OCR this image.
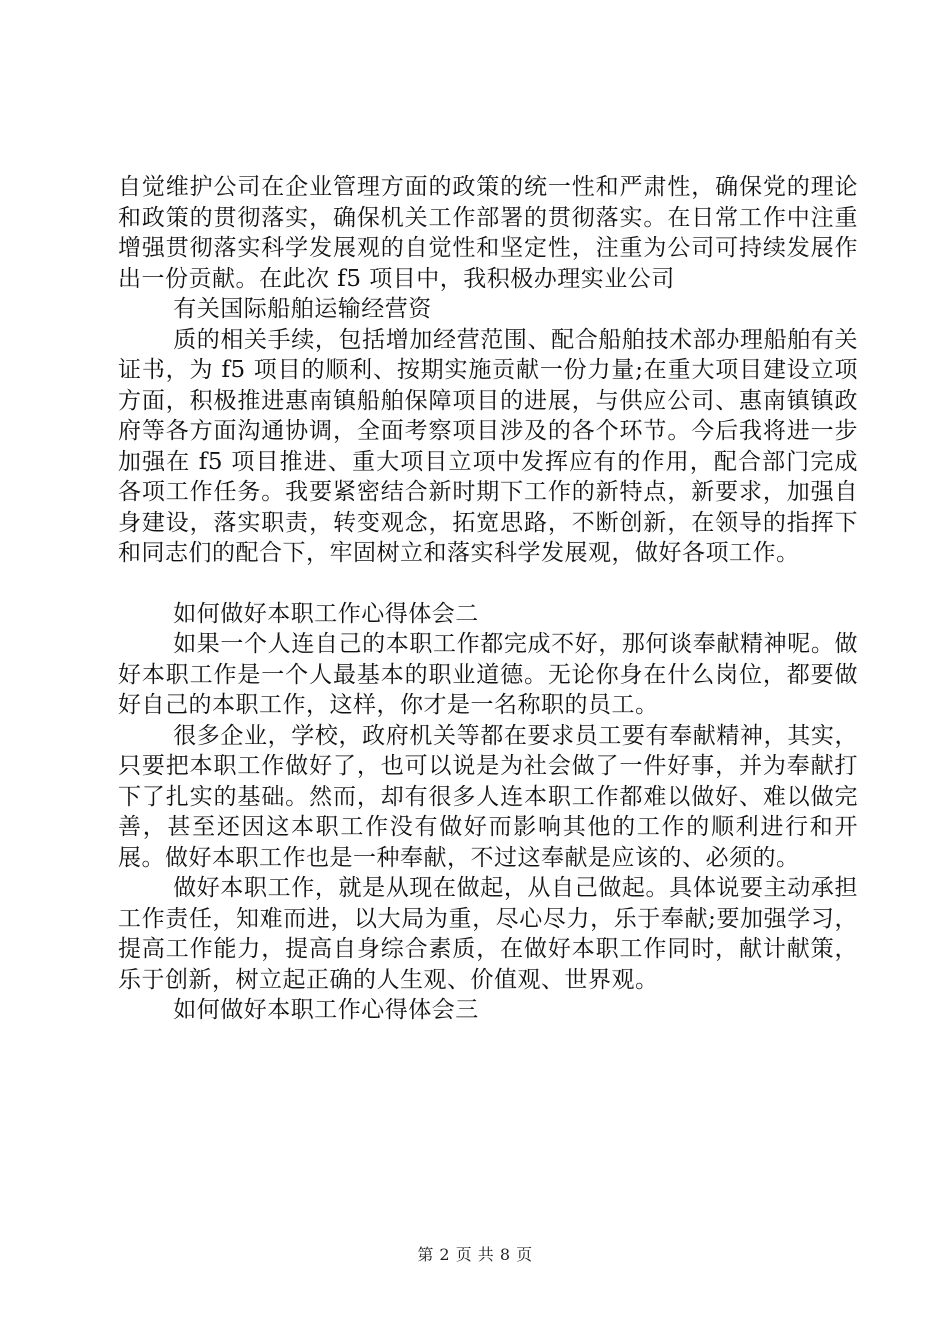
自觉维护公司在企业管理方面的政策的统一性和严肃性，确保党的理论和政策的贯彻落实，确保机关工作部署的贯彻落实。在日常工作中注重增强贯彻落实科学发展观的自觉性和坚定性，注重为公司可持续发展作出一份贡献。在此次 f5 项目中，我积极办理实业公司

有关国际船舶运输经营资

质的相关手续，包括增加经营范围、配合船舶技术部办理船舶有关证书，为 f5 项目的顺利、按期实施贡献一份力量;在重大项目建设立项方面，积极推进惠南镇船舶保障项目的进展，与供应公司、惠南镇镇政府等各方面沟通协调，全面考察项目涉及的各个环节。今后我将进一步加强在 f5 项目推进、重大项目立项中发挥应有的作用，配合部门完成各项工作任务。我要紧密结合新时期下工作的新特点，新要求，加强自身建设，落实职责，转变观念，拓宽思路，不断创新，在领导的指挥下和同志们的配合下，牢固树立和落实科学发展观，做好各项工作。

如何做好本职工作心得体会二

如果一个人连自己的本职工作都完成不好，那何谈奉献精神呢。做好本职工作是一个人最基本的职业道德。无论你身在什么岗位，都要做好自己的本职工作，这样，你才是一名称职的员工。

很多企业，学校，政府机关等都在要求员工要有奉献精神，其实，只要把本职工作做好了，也可以说是为社会做了一件好事，并为奉献打下了扎实的基础。然而，却有很多人连本职工作都难以做好、难以做完善，甚至还因这本职工作没有做好而影响其他的工作的顺利进行和开展。做好本职工作也是一种奉献，不过这奉献是应该的、必须的。

做好本职工作，就是从现在做起，从自己做起。具体说要主动承担工作责任，知难而进，以大局为重，尽心尽力，乐于奉献;要加强学习，提高工作能力，提高自身综合素质，在做好本职工作同时，献计献策，乐于创新，树立起正确的人生观、价值观、世界观。

如何做好本职工作心得体会三

第 2 页 共 8 页
